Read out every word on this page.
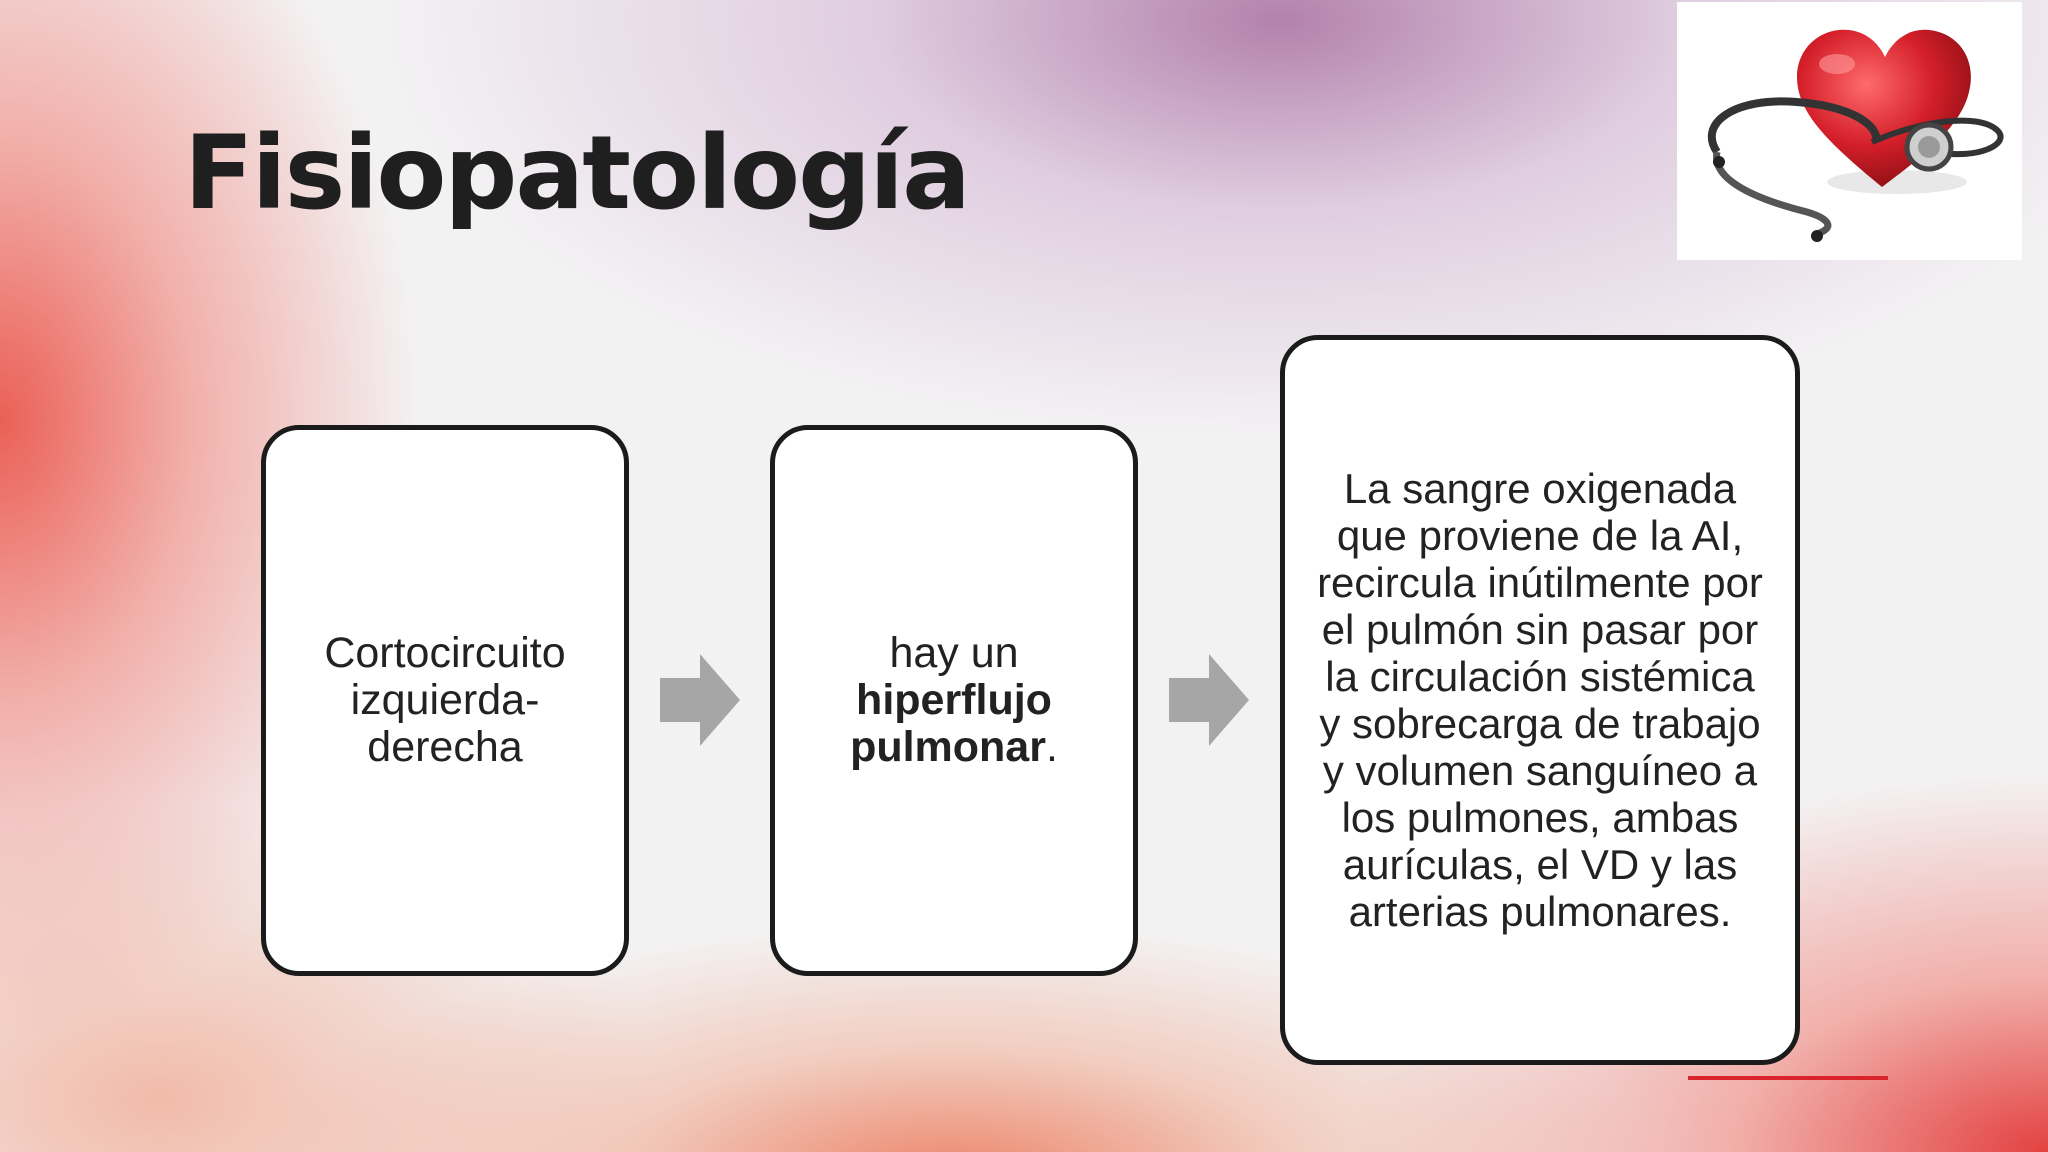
Fisiopatología
Cortocircuito
izquierda-
derecha
hay un
hiperflujo
pulmonar.
La sangre oxigenada que proviene de la AI, recircula inútilmente por el pulmón sin pasar por la circulación sistémica y sobrecarga de trabajo y volumen sanguíneo a los pulmones, ambas aurículas, el VD y las arterias pulmonares.
